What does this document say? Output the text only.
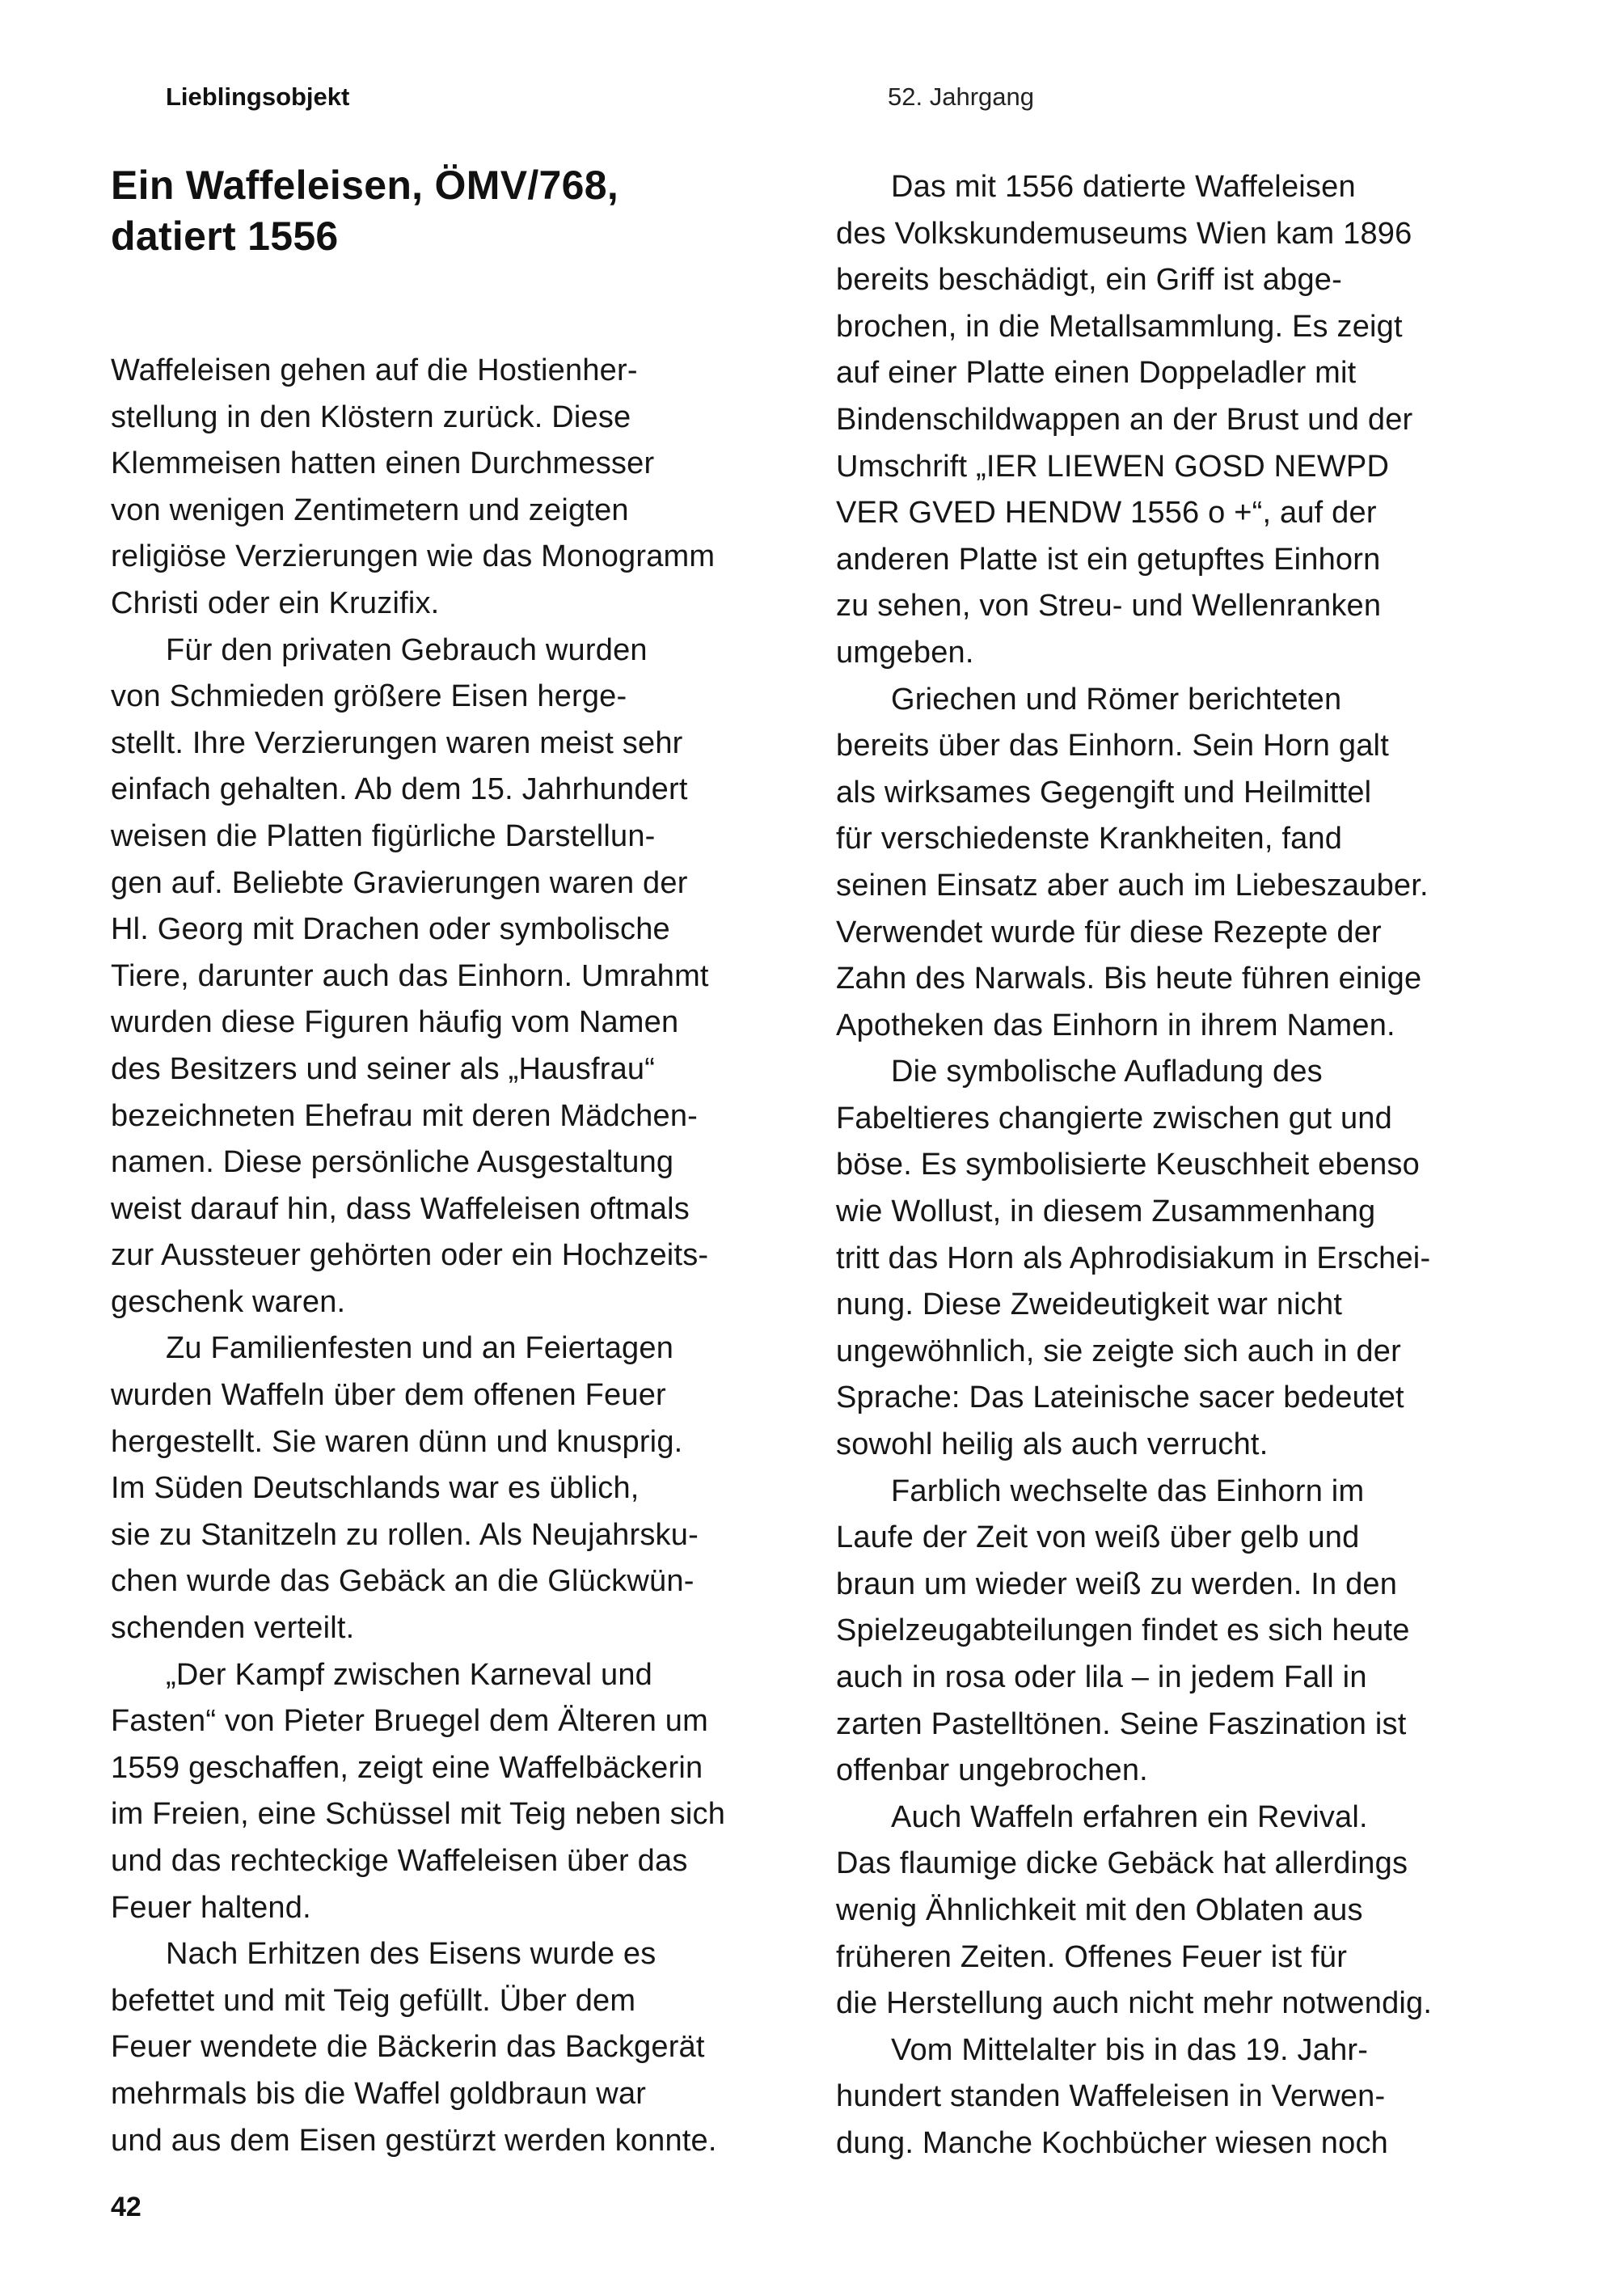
Lieblingsobjekt	52. Jahrgang
Ein Waffeleisen, ÖMV/768,
datiert 1556

Waffeleisen gehen auf die Hostienher-
stellung in den Klöstern zurück. Diese
Klemmeisen hatten einen Durchmesser
von wenigen Zentimetern und zeigten
religiöse Verzierungen wie das Monogramm
Christi oder ein Kruzifix.

Für den privaten Gebrauch wurden
von Schmieden größere Eisen herge-
stellt. Ihre Verzierungen waren meist sehr
einfach gehalten. Ab dem 15. Jahrhundert
weisen die Platten figürliche Darstellun-
gen auf. Beliebte Gravierungen waren der
Hl. Georg mit Drachen oder symbolische
Tiere, darunter auch das Einhorn. Umrahmt
wurden diese Figuren häufig vom Namen
des Besitzers und seiner als „Hausfrau“
bezeichneten Ehefrau mit deren Mädchen-
namen. Diese persönliche Ausgestaltung
weist darauf hin, dass Waffeleisen oftmals
zur Aussteuer gehörten oder ein Hochzeits-
geschenk waren.

Zu Familienfesten und an Feiertagen
wurden Waffeln über dem offenen Feuer
hergestellt. Sie waren dünn und knusprig.
Im Süden Deutschlands war es üblich,
sie zu Stanitzeln zu rollen. Als Neujahrsku-
chen wurde das Gebäck an die Glückwün-
schenden verteilt.

„Der Kampf zwischen Karneval und
Fasten“ von Pieter Bruegel dem Älteren um
1559 geschaffen, zeigt eine Waffelbäckerin
im Freien, eine Schüssel mit Teig neben sich
und das rechteckige Waffeleisen über das
Feuer haltend.

Nach Erhitzen des Eisens wurde es
befettet und mit Teig gefüllt. Über dem
Feuer wendete die Bäckerin das Backgerät
mehrmals bis die Waffel goldbraun war
und aus dem Eisen gestürzt werden konnte.

Das mit 1556 datierte Waffeleisen
des Volkskundemuseums Wien kam 1896
bereits beschädigt, ein Griff ist abge-
brochen, in die Metallsammlung. Es zeigt
auf einer Platte einen Doppeladler mit
Bindenschildwappen an der Brust und der
Umschrift „IER LIEWEN GOSD NEWPD
VER GVED HENDW 1556 o +“, auf der
anderen Platte ist ein getupftes Einhorn
zu sehen, von Streu- und Wellenranken
umgeben.

Griechen und Römer berichteten
bereits über das Einhorn. Sein Horn galt
als wirksames Gegengift und Heilmittel
für verschiedenste Krankheiten, fand
seinen Einsatz aber auch im Liebeszauber.
Verwendet wurde für diese Rezepte der
Zahn des Narwals. Bis heute führen einige
Apotheken das Einhorn in ihrem Namen.

Die symbolische Aufladung des
Fabeltieres changierte zwischen gut und
böse. Es symbolisierte Keuschheit ebenso
wie Wollust, in diesem Zusammenhang
tritt das Horn als Aphrodisiakum in Erschei-
nung. Diese Zweideutigkeit war nicht
ungewöhnlich, sie zeigte sich auch in der
Sprache: Das Lateinische sacer bedeutet
sowohl heilig als auch verrucht.

Farblich wechselte das Einhorn im
Laufe der Zeit von weiß über gelb und
braun um wieder weiß zu werden. In den
Spielzeugabteilungen findet es sich heute
auch in rosa oder lila – in jedem Fall in
zarten Pastelltönen. Seine Faszination ist
offenbar ungebrochen.

Auch Waffeln erfahren ein Revival.
Das flaumige dicke Gebäck hat allerdings
wenig Ähnlichkeit mit den Oblaten aus
früheren Zeiten. Offenes Feuer ist für
die Herstellung auch nicht mehr notwendig.

Vom Mittelalter bis in das 19. Jahr-
hundert standen Waffeleisen in Verwen-
dung. Manche Kochbücher wiesen noch

42
